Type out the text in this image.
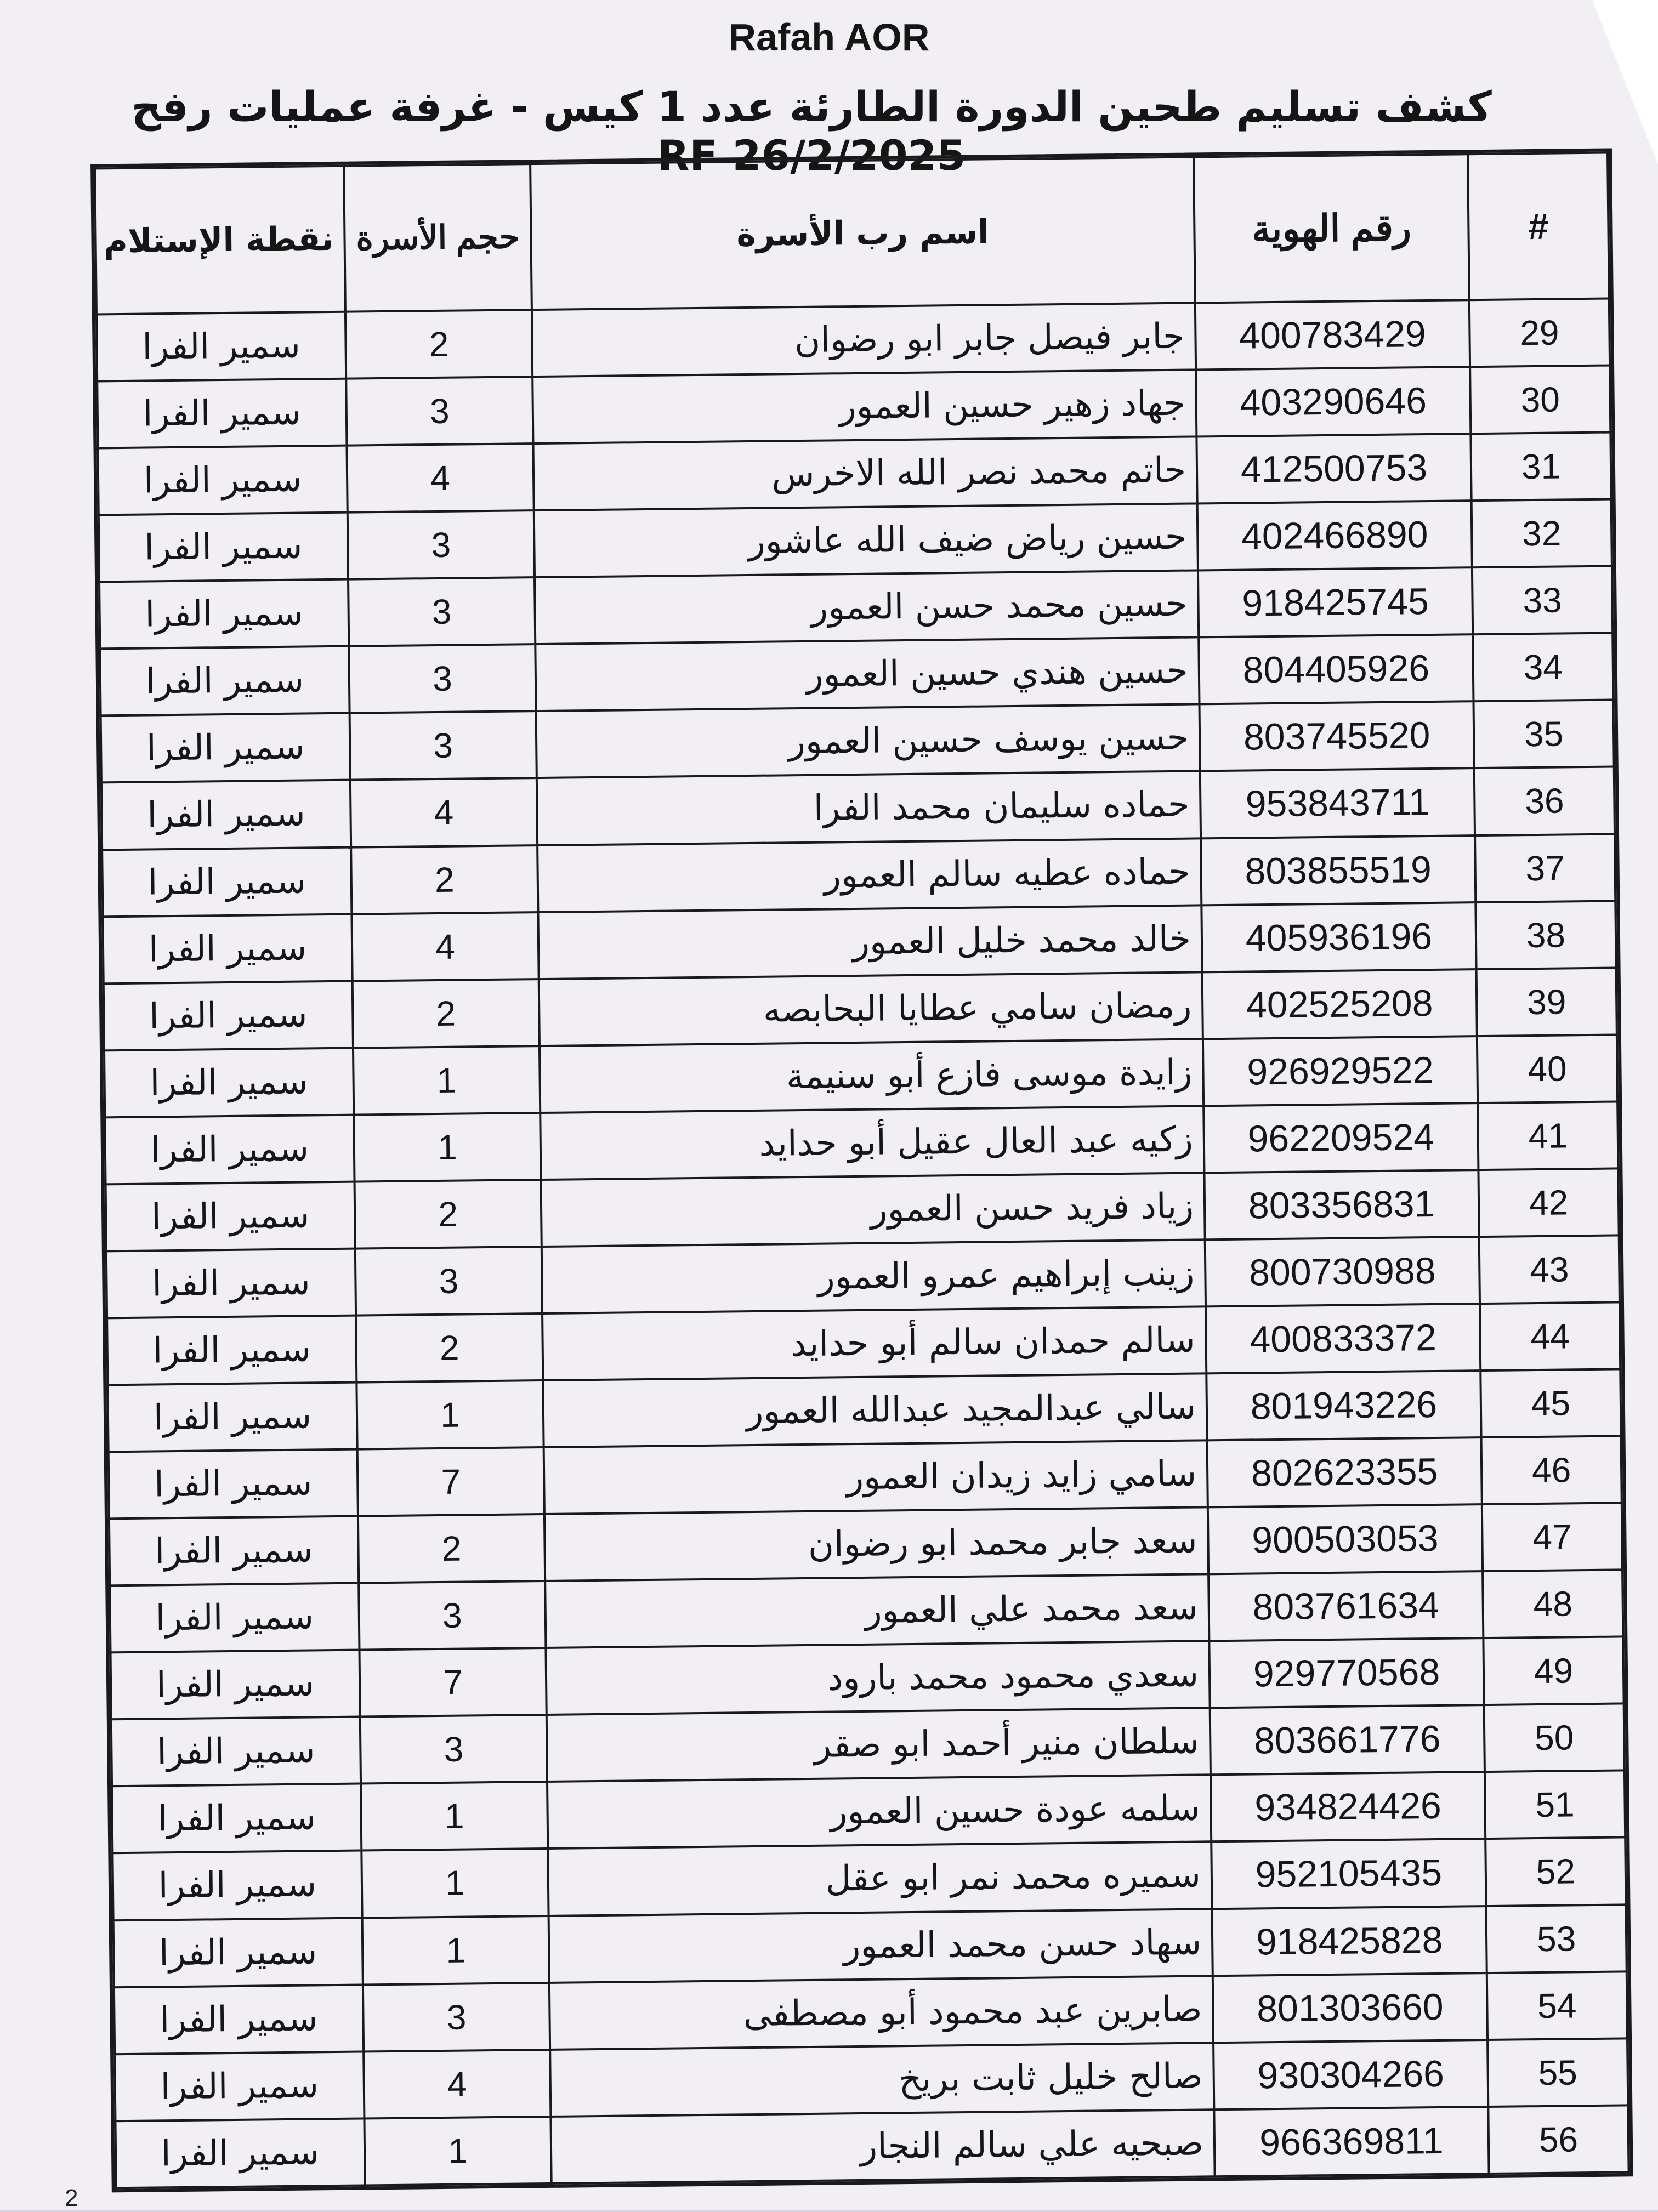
Rafah AOR
كشف تسليم طحين الدورة الطارئة عدد 1 كيس - غرفة عمليات رفح RF 26/2/2025
#	رقم الهوية	اسم رب الأسرة	حجم الأسرة	نقطة الإستلام
29	400783429	جابر فيصل جابر ابو رضوان	2	سمير الفرا
30	403290646	جهاد زهير حسين العمور	3	سمير الفرا
31	412500753	حاتم محمد نصر الله الاخرس	4	سمير الفرا
32	402466890	حسين رياض ضيف الله عاشور	3	سمير الفرا
33	918425745	حسين محمد حسن العمور	3	سمير الفرا
34	804405926	حسين هندي حسين العمور	3	سمير الفرا
35	803745520	حسين يوسف حسين العمور	3	سمير الفرا
36	953843711	حماده سليمان محمد الفرا	4	سمير الفرا
37	803855519	حماده عطيه سالم العمور	2	سمير الفرا
38	405936196	خالد محمد خليل العمور	4	سمير الفرا
39	402525208	رمضان سامي عطايا البحابصه	2	سمير الفرا
40	926929522	زايدة موسى فازع أبو سنيمة	1	سمير الفرا
41	962209524	زكيه عبد العال عقيل أبو حدايد	1	سمير الفرا
42	803356831	زياد فريد حسن العمور	2	سمير الفرا
43	800730988	زينب إبراهيم عمرو العمور	3	سمير الفرا
44	400833372	سالم حمدان سالم أبو حدايد	2	سمير الفرا
45	801943226	سالي عبدالمجيد عبدالله العمور	1	سمير الفرا
46	802623355	سامي زايد زيدان العمور	7	سمير الفرا
47	900503053	سعد جابر محمد ابو رضوان	2	سمير الفرا
48	803761634	سعد محمد علي العمور	3	سمير الفرا
49	929770568	سعدي محمود محمد بارود	7	سمير الفرا
50	803661776	سلطان منير أحمد ابو صقر	3	سمير الفرا
51	934824426	سلمه عودة حسين العمور	1	سمير الفرا
52	952105435	سميره محمد نمر ابو عقل	1	سمير الفرا
53	918425828	سهاد حسن محمد العمور	1	سمير الفرا
54	801303660	صابرين عبد محمود أبو مصطفى	3	سمير الفرا
55	930304266	صالح خليل ثابت بريخ	4	سمير الفرا
56	966369811	صبحيه علي سالم النجار	1	سمير الفرا
2
